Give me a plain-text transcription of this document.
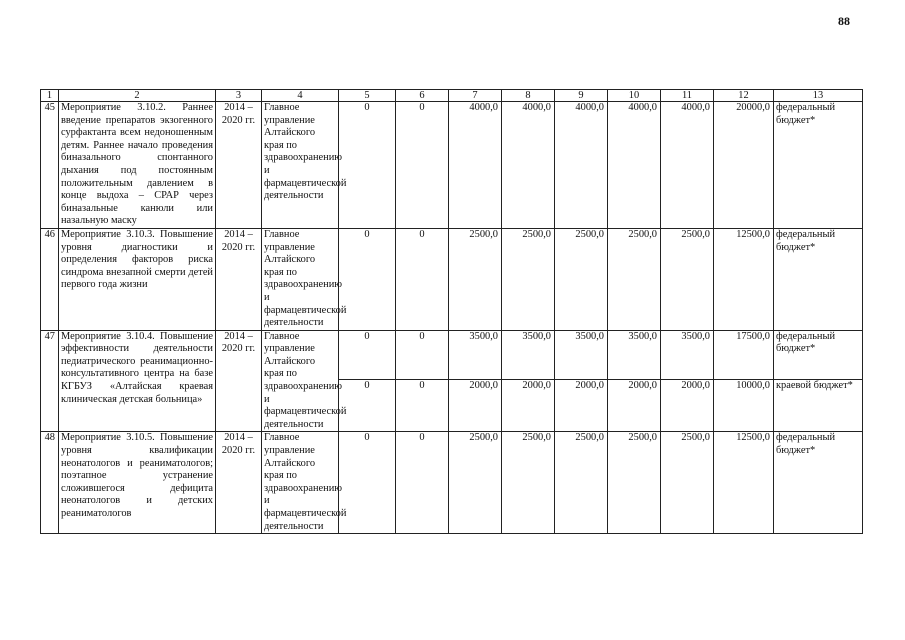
88
1	2	3	4	5	6	7	8	9	10	11	12	13
45	Мероприятие 3.10.2. Раннее введение препаратов экзогенного сурфактанта всем недоношенным детям. Раннее начало проведения биназального спонтанного дыхания под постоянным положительным давлением в конце выдоха – СРАР через биназальные канюли или назальную маску	2014 – 2020 гг.	Главное управление Алтайского края по здравоохранению и фармацевтической деятельности	0	0	4000,0	4000,0	4000,0	4000,0	4000,0	20000,0	федеральный бюджет*
46	Мероприятие 3.10.3. Повышение уровня диагностики и определения факторов риска синдрома внезапной смерти детей первого года жизни	2014 – 2020 гг.	Главное управление Алтайского края по здравоохранению и фармацевтической деятельности	0	0	2500,0	2500,0	2500,0	2500,0	2500,0	12500,0	федеральный бюджет*
47	Мероприятие 3.10.4. Повышение эффективности деятельности педиатрического реанимационно-консультативного центра на базе КГБУЗ «Алтайская краевая клиническая детская больница»	2014 – 2020 гг.	Главное управление Алтайского края по здравоохранению и фармацевтической деятельности	0	0	3500,0	3500,0	3500,0	3500,0	3500,0	17500,0	федеральный бюджет*
				0	0	2000,0	2000,0	2000,0	2000,0	2000,0	10000,0	краевой бюджет*
48	Мероприятие 3.10.5. Повышение уровня квалификации неонатологов и реаниматологов; поэтапное устранение сложившегося дефицита неонатологов и детских реаниматологов	2014 – 2020 гг.	Главное управление Алтайского края по здравоохранению и фармацевтической деятельности	0	0	2500,0	2500,0	2500,0	2500,0	2500,0	12500,0	федеральный бюджет*
